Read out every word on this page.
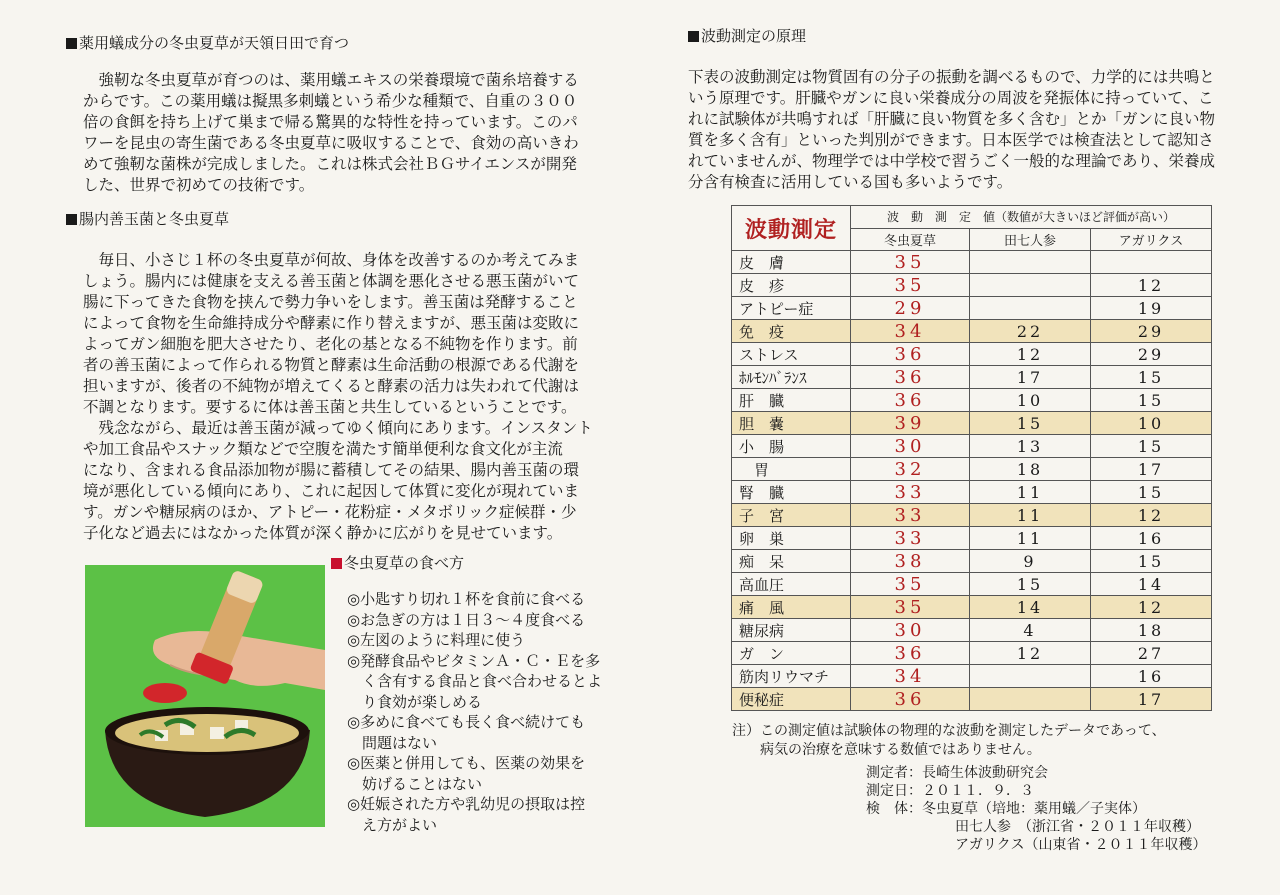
薬用蟻成分の冬虫夏草が天領日田で育つ
　強靭な冬虫夏草が育つのは、薬用蟻エキスの栄養環境で菌糸培養する
からです。この薬用蟻は擬黒多刺蟻という希少な種類で、自重の３００
倍の食餌を持ち上げて巣まで帰る驚異的な特性を持っています。このパ
ワーを昆虫の寄生菌である冬虫夏草に吸収することで、食効の高いきわ
めて強靭な菌株が完成しました。これは株式会社ＢＧサイエンスが開発
した、世界で初めての技術です。
腸内善玉菌と冬虫夏草
　毎日、小さじ１杯の冬虫夏草が何故、身体を改善するのか考えてみま
しょう。腸内には健康を支える善玉菌と体調を悪化させる悪玉菌がいて
腸に下ってきた食物を挟んで勢力争いをします。善玉菌は発酵すること
によって食物を生命維持成分や酵素に作り替えますが、悪玉菌は変敗に
よってガン細胞を肥大させたり、老化の基となる不純物を作ります。前
者の善玉菌によって作られる物質と酵素は生命活動の根源である代謝を
担いますが、後者の不純物が増えてくると酵素の活力は失われて代謝は
不調となります。要するに体は善玉菌と共生しているということです。
　残念ながら、最近は善玉菌が減ってゆく傾向にあります。インスタント
や加工食品やスナック類などで空腹を満たす簡単便利な食文化が主流
になり、含まれる食品添加物が腸に蓄積してその結果、腸内善玉菌の環
境が悪化している傾向にあり、これに起因して体質に変化が現れていま
す。ガンや糖尿病のほか、アトピー・花粉症・メタボリック症候群・少
子化など過去にはなかった体質が深く静かに広がりを見せています。
冬虫夏草の食べ方
◎小匙すり切れ１杯を食前に食べる
◎お急ぎの方は１日３～４度食べる
◎左図のように料理に使う
◎発酵食品やビタミンＡ・Ｃ・Ｅを多
　く含有する食品と食べ合わせるとよ
　り食効が楽しめる
◎多めに食べても長く食べ続けても
　問題はない
◎医薬と併用しても、医薬の効果を
　妨げることはない
◎妊娠された方や乳幼児の摂取は控
　え方がよい
波動測定の原理
下表の波動測定は物質固有の分子の振動を調べるもので、力学的には共鳴と
いう原理です。肝臓やガンに良い栄養成分の周波を発振体に持っていて、こ
れに試験体が共鳴すれば「肝臓に良い物質を多く含む」とか「ガンに良い物
質を多く含有」といった判別ができます。日本医学では検査法として認知さ
れていませんが、物理学では中学校で習うごく一般的な理論であり、栄養成
分含有検査に活用している国も多いようです。
波動測定	波　動　測　定　値（数値が大きいほど評価が高い）		
	冬虫夏草	田七人参	アガリクス
皮　膚	35		
皮　疹	35		12
アトピー症	29		19
免　疫	34	22	29
ストレス	36	12	29
ﾎﾙﾓﾝﾊﾞﾗﾝｽ	36	17	15
肝　臓	36	10	15
胆　嚢	39	15	10
小　腸	30	13	15
　胃	32	18	17
腎　臓	33	11	15
子　宮	33	11	12
卵　巣	33	11	16
痴　呆	38	9	15
高血圧	35	15	14
痛　風	35	14	12
糖尿病	30	4	18
ガ　ン	36	12	27
筋肉リウマチ	34		16
便秘症	36		17
注）この測定値は試験体の物理的な波動を測定したデータであって、
　　病気の治療を意味する数値ではありません。
測定者：長崎生体波動研究会
測定日：２０１１．９．３
検　体：冬虫夏草（培地：薬用蟻／子実体）
田七人参　（浙江省・２０１１年収穫）
アガリクス（山東省・２０１１年収穫）
